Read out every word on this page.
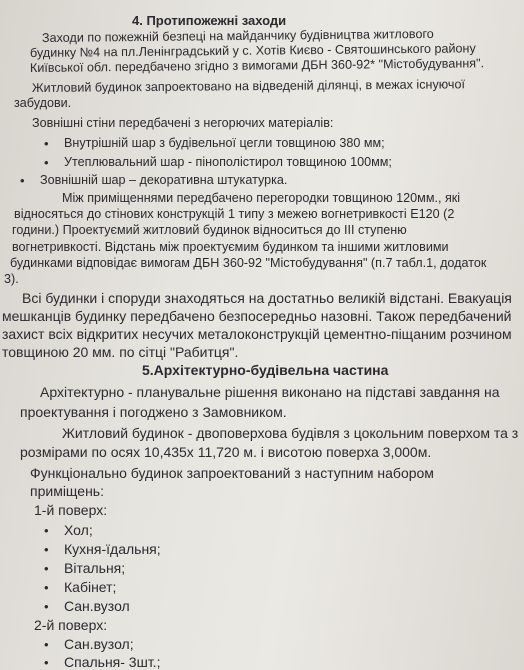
4. Протипожежні заходи
Заходи по пожежній безпеці на майданчику будівництва житлового
будинку №4 на пл.Ленінградський у с. Хотів Києво - Святошинського району
Київської обл. передбачено згідно з вимогами ДБН 360-92* "Містобудування".
Житловий будинок запроектовано на відведеній ділянці, в межах існуючої
забудови.
Зовнішні стіни передбачені з негорючих матеріалів:
• Внутрішній шар з будівельної цегли товщиною 380 мм;
• Утеплювальний шар - пінополістирол товщиною 100мм;
• Зовнішній шар – декоративна штукатурка.
Між приміщеннями передбачено перегородки товщиною 120мм., які
відносяться до стінових конструкцій 1 типу з межею вогнетривкості Е120 (2
години.) Проектуємий житловий будинок відноситься до III ступеню
вогнетривкості. Відстань між проектуємим будинком та іншими житловими
будинками відповідає вимогам ДБН 360-92 "Містобудування" (п.7 табл.1, додаток
3).
Всі будинки і споруди знаходяться на достатньо великій відстані. Евакуація
мешканців будинку передбачено безпосередньо назовні. Також передбачений
захист всіх відкритих несучих металоконструкцій цементно-піщаним розчином
товщиною 20 мм. по сітці "Рабитця".
5.Архітектурно-будівельна частина
Архітектурно - планувальне рішення виконано на підставі завдання на
проектування і погоджено з Замовником.
Житловий будинок - двоповерхова будівля з цокольним поверхом та з
розмірами по осях 10,435х 11,720 м. і висотою поверха 3,000м.
Функціонально будинок запроектований з наступним набором
приміщень:
1-й поверх:
• Хол;
• Кухня-їдальня;
• Вітальня;
• Кабінет;
• Сан.вузол
2-й поверх:
• Сан.вузол;
• Спальня- 3шт.;
